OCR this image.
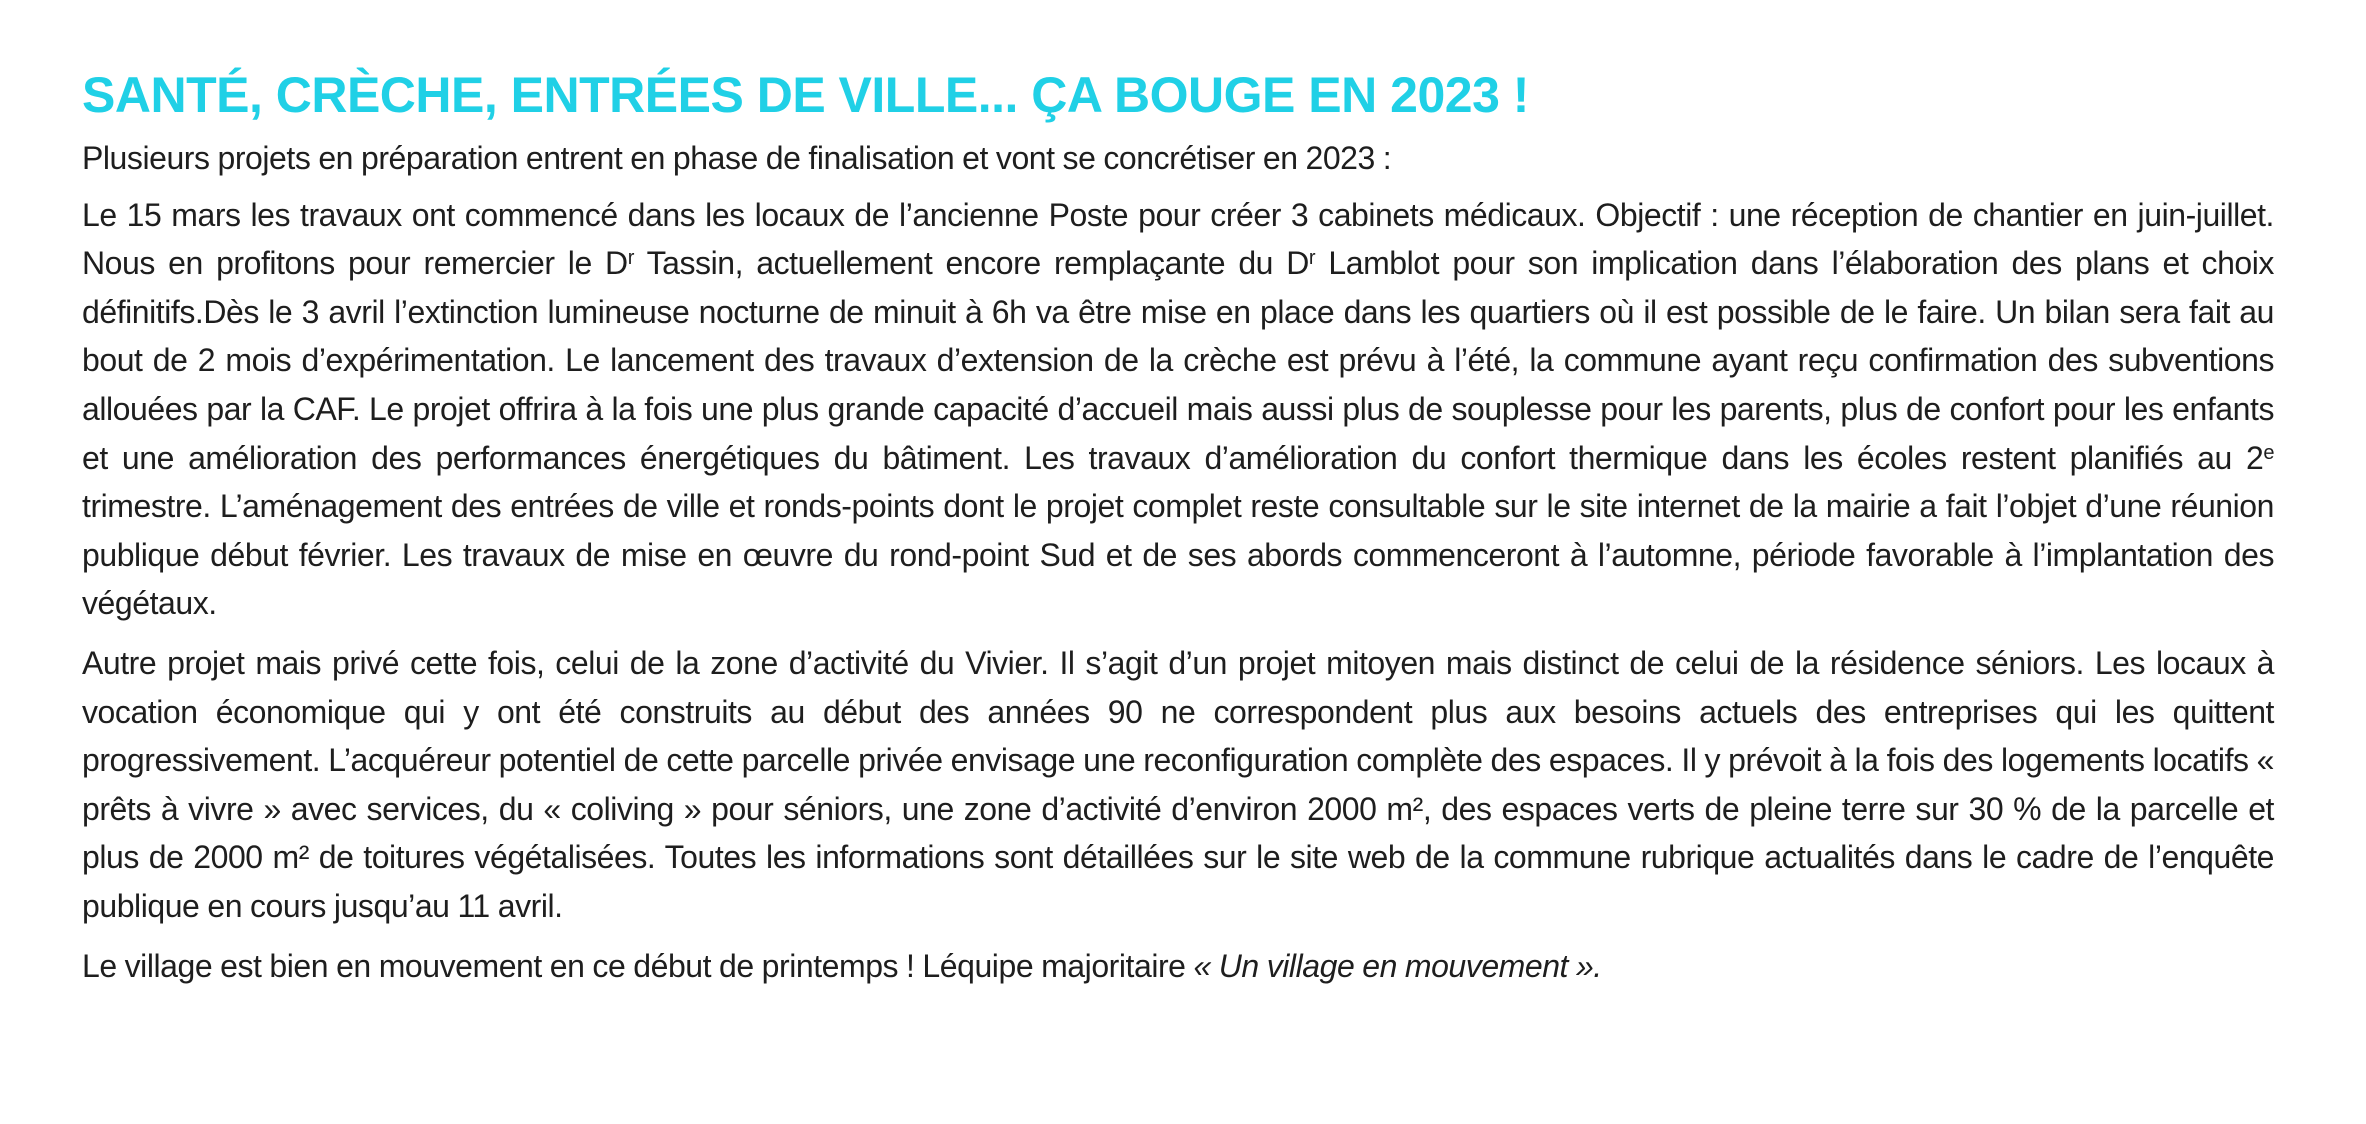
SANTÉ, CRÈCHE, ENTRÉES DE VILLE... ÇA BOUGE EN 2023 !

Plusieurs projets en préparation entrent en phase de finalisation et vont se concrétiser en 2023 :

Le 15 mars les travaux ont commencé dans les locaux de l’ancienne Poste pour créer 3 cabinets médicaux. Objectif : une réception de chantier en juin-juillet. Nous en profitons pour remercier le $D^r$ Tassin, actuellement encore remplaçante du $D^r$ Lamblot pour son implication dans l’élaboration des plans et choix définitifs.Dès le 3 avril l’extinction lumineuse nocturne de minuit à 6h va être mise en place dans les quartiers où il est possible de le faire. Un bilan sera fait au bout de 2 mois d’expérimentation. Le lancement des travaux d’extension de la crèche est prévu à l’été, la commune ayant reçu confirmation des subventions allouées par la CAF. Le projet offrira à la fois une plus grande capacité d’accueil mais aussi plus de souplesse pour les parents, plus de confort pour les enfants et une amélioration des performances énergétiques du bâtiment. Les travaux d’amélioration du confort thermique dans les écoles restent planifiés au 2e trimestre. L’aménagement des entrées de ville et ronds-points dont le projet complet reste consultable sur le site internet de la mairie a fait l’objet d’une réunion publique début février. Les travaux de mise en œuvre du rond-point Sud et de ses abords commenceront à l’automne, période favorable à l’implantation des végétaux.

Autre projet mais privé cette fois, celui de la zone d’activité du Vivier. Il s’agit d’un projet mitoyen mais distinct de celui de la résidence séniors. Les locaux à vocation économique qui y ont été construits au début des années 90 ne correspondent plus aux besoins actuels des entreprises qui les quittent progressivement. L’acquéreur potentiel de cette parcelle privée envisage une reconfiguration complète des espaces. Il y prévoit à la fois des logements locatifs « prêts à vivre » avec services, du « coliving » pour séniors, une zone d’activité d’environ 2000 m², des espaces verts de pleine terre sur 30 % de la parcelle et plus de 2000 m² de toitures végétalisées. Toutes les informations sont détaillées sur le site web de la commune rubrique actualités dans le cadre de l’enquête publique en cours jusqu’au 11 avril.

Le village est bien en mouvement en ce début de printemps ! Léquipe majoritaire « Un village en mouvement ».
